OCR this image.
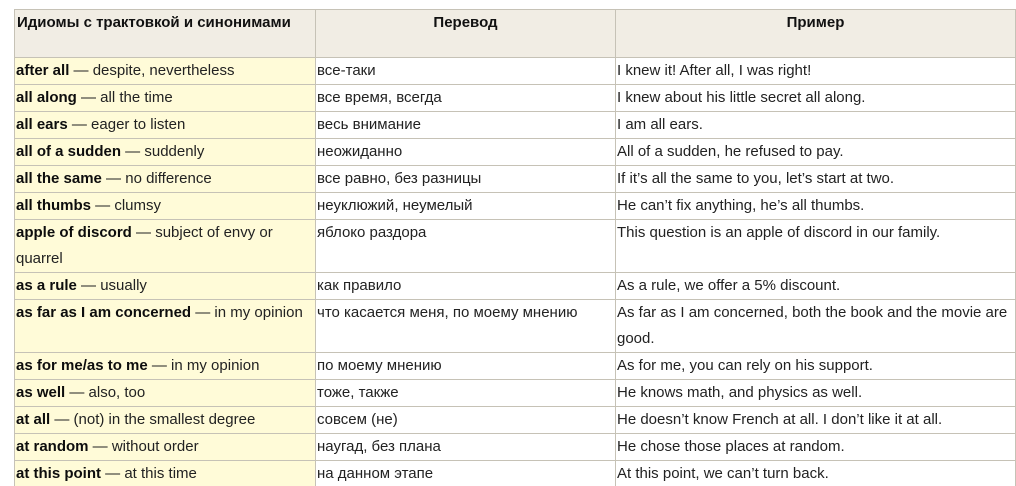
Идиомы с трактовкой и синонимами	Перевод	Пример
after all — despite, nevertheless	все-таки	I knew it! After all, I was right!
all along — all the time	все время, всегда	I knew about his little secret all along.
all ears — eager to listen	весь внимание	I am all ears.
all of a sudden — suddenly	неожиданно	All of a sudden, he refused to pay.
all the same — no difference	все равно, без разницы	If it’s all the same to you, let’s start at two.
all thumbs — clumsy	неуклюжий, неумелый	He can’t fix anything, he’s all thumbs.
apple of discord — subject of envy or quarrel	яблоко раздора	This question is an apple of discord in our family.
as a rule — usually	как правило	As a rule, we offer a 5% discount.
as far as I am concerned — in my opinion	что касается меня, по моему мнению	As far as I am concerned, both the book and the movie are good.
as for me/as to me — in my opinion	по моему мнению	As for me, you can rely on his support.
as well — also, too	тоже, также	He knows math, and physics as well.
at all — (not) in the smallest degree	совсем (не)	He doesn’t know French at all. I don’t like it at all.
at random — without order	наугад, без плана	He chose those places at random.
at this point — at this time	на данном этапе	At this point, we can’t turn back.
